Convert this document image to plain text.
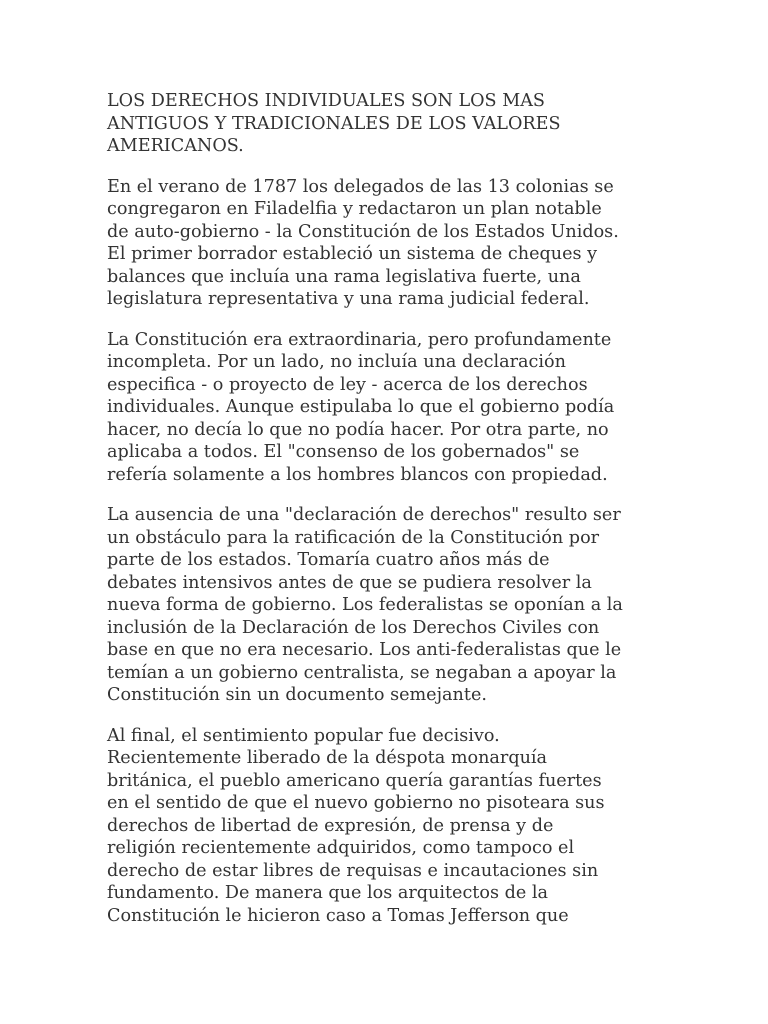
LOS DERECHOS INDIVIDUALES SON LOS MAS
ANTIGUOS Y TRADICIONALES DE LOS VALORES
AMERICANOS.

En el verano de 1787 los delegados de las 13 colonias se
congregaron en Filadelfia y redactaron un plan notable
de auto-gobierno - la Constitución de los Estados Unidos.
El primer borrador estableció un sistema de cheques y
balances que incluía una rama legislativa fuerte, una
legislatura representativa y una rama judicial federal.

La Constitución era extraordinaria, pero profundamente
incompleta. Por un lado, no incluía una declaración
especifica - o proyecto de ley - acerca de los derechos
individuales. Aunque estipulaba lo que el gobierno podía
hacer, no decía lo que no podía hacer. Por otra parte, no
aplicaba a todos. El "consenso de los gobernados" se
refería solamente a los hombres blancos con propiedad.

La ausencia de una "declaración de derechos" resulto ser
un obstáculo para la ratificación de la Constitución por
parte de los estados. Tomaría cuatro años más de
debates intensivos antes de que se pudiera resolver la
nueva forma de gobierno. Los federalistas se oponían a la
inclusión de la Declaración de los Derechos Civiles con
base en que no era necesario. Los anti-federalistas que le
temían a un gobierno centralista, se negaban a apoyar la
Constitución sin un documento semejante.

Al final, el sentimiento popular fue decisivo.
Recientemente liberado de la déspota monarquía
británica, el pueblo americano quería garantías fuertes
en el sentido de que el nuevo gobierno no pisoteara sus
derechos de libertad de expresión, de prensa y de
religión recientemente adquiridos, como tampoco el
derecho de estar libres de requisas e incautaciones sin
fundamento. De manera que los arquitectos de la
Constitución le hicieron caso a Tomas Jefferson que
